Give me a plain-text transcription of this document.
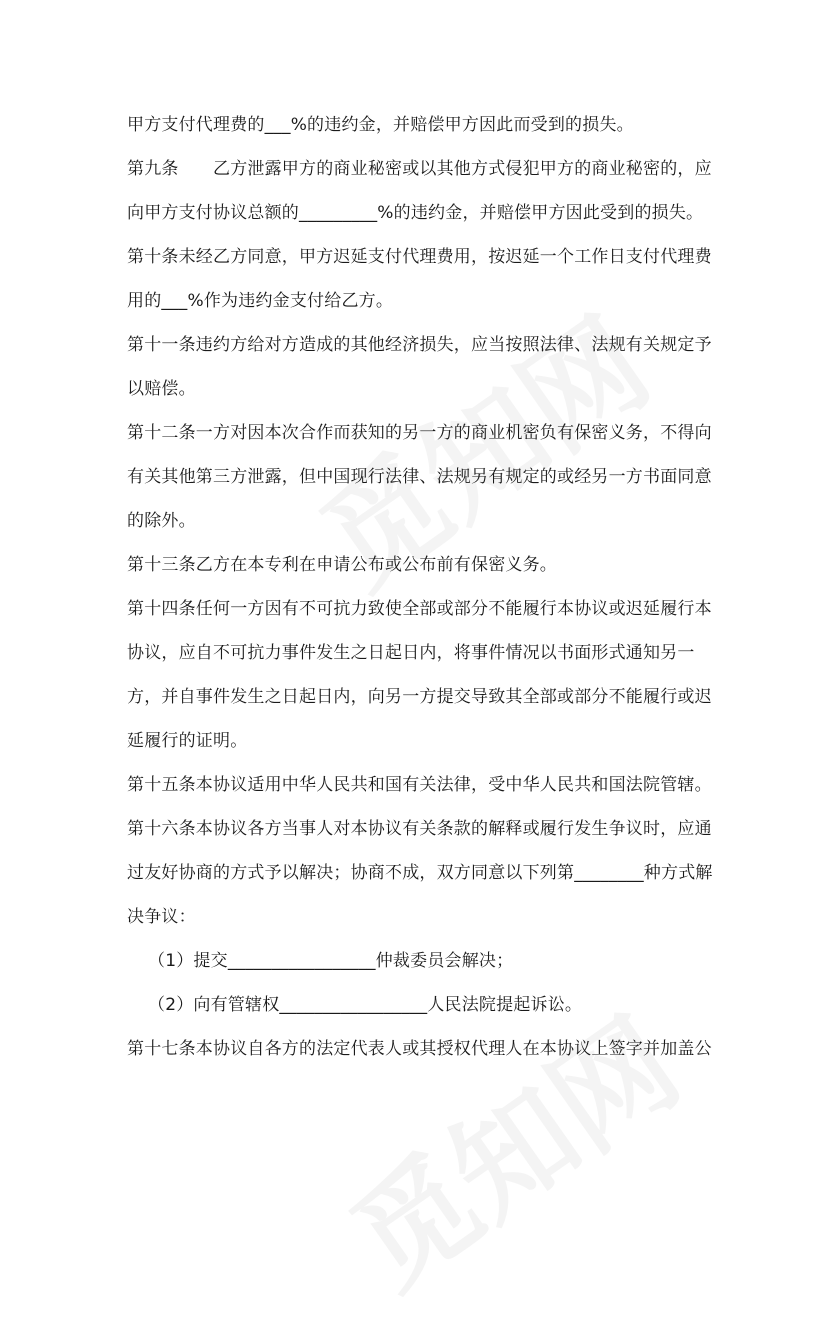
甲方支付代理费的___%的违约金，并赔偿甲方因此而受到的损失。

第九条　　乙方泄露甲方的商业秘密或以其他方式侵犯甲方的商业秘密的，应向甲方支付协议总额的_________%的违约金，并赔偿甲方因此受到的损失。

第十条未经乙方同意，甲方迟延支付代理费用，按迟延一个工作日支付代理费用的___%作为违约金支付给乙方。

第十一条违约方给对方造成的其他经济损失，应当按照法律、法规有关规定予以赔偿。

第十二条一方对因本次合作而获知的另一方的商业机密负有保密义务，不得向有关其他第三方泄露，但中国现行法律、法规另有规定的或经另一方书面同意的除外。

第十三条乙方在本专利在申请公布或公布前有保密义务。

第十四条任何一方因有不可抗力致使全部或部分不能履行本协议或迟延履行本协议，应自不可抗力事件发生之日起日内，将事件情况以书面形式通知另一方，并自事件发生之日起日内，向另一方提交导致其全部或部分不能履行或迟延履行的证明。

第十五条本协议适用中华人民共和国有关法律，受中华人民共和国法院管辖。

第十六条本协议各方当事人对本协议有关条款的解释或履行发生争议时，应通过友好协商的方式予以解决；协商不成，双方同意以下列第________种方式解决争议：

（1）提交_________________仲裁委员会解决；

（2）向有管辖权_________________人民法院提起诉讼。

第十七条本协议自各方的法定代表人或其授权代理人在本协议上签字并加盖公
